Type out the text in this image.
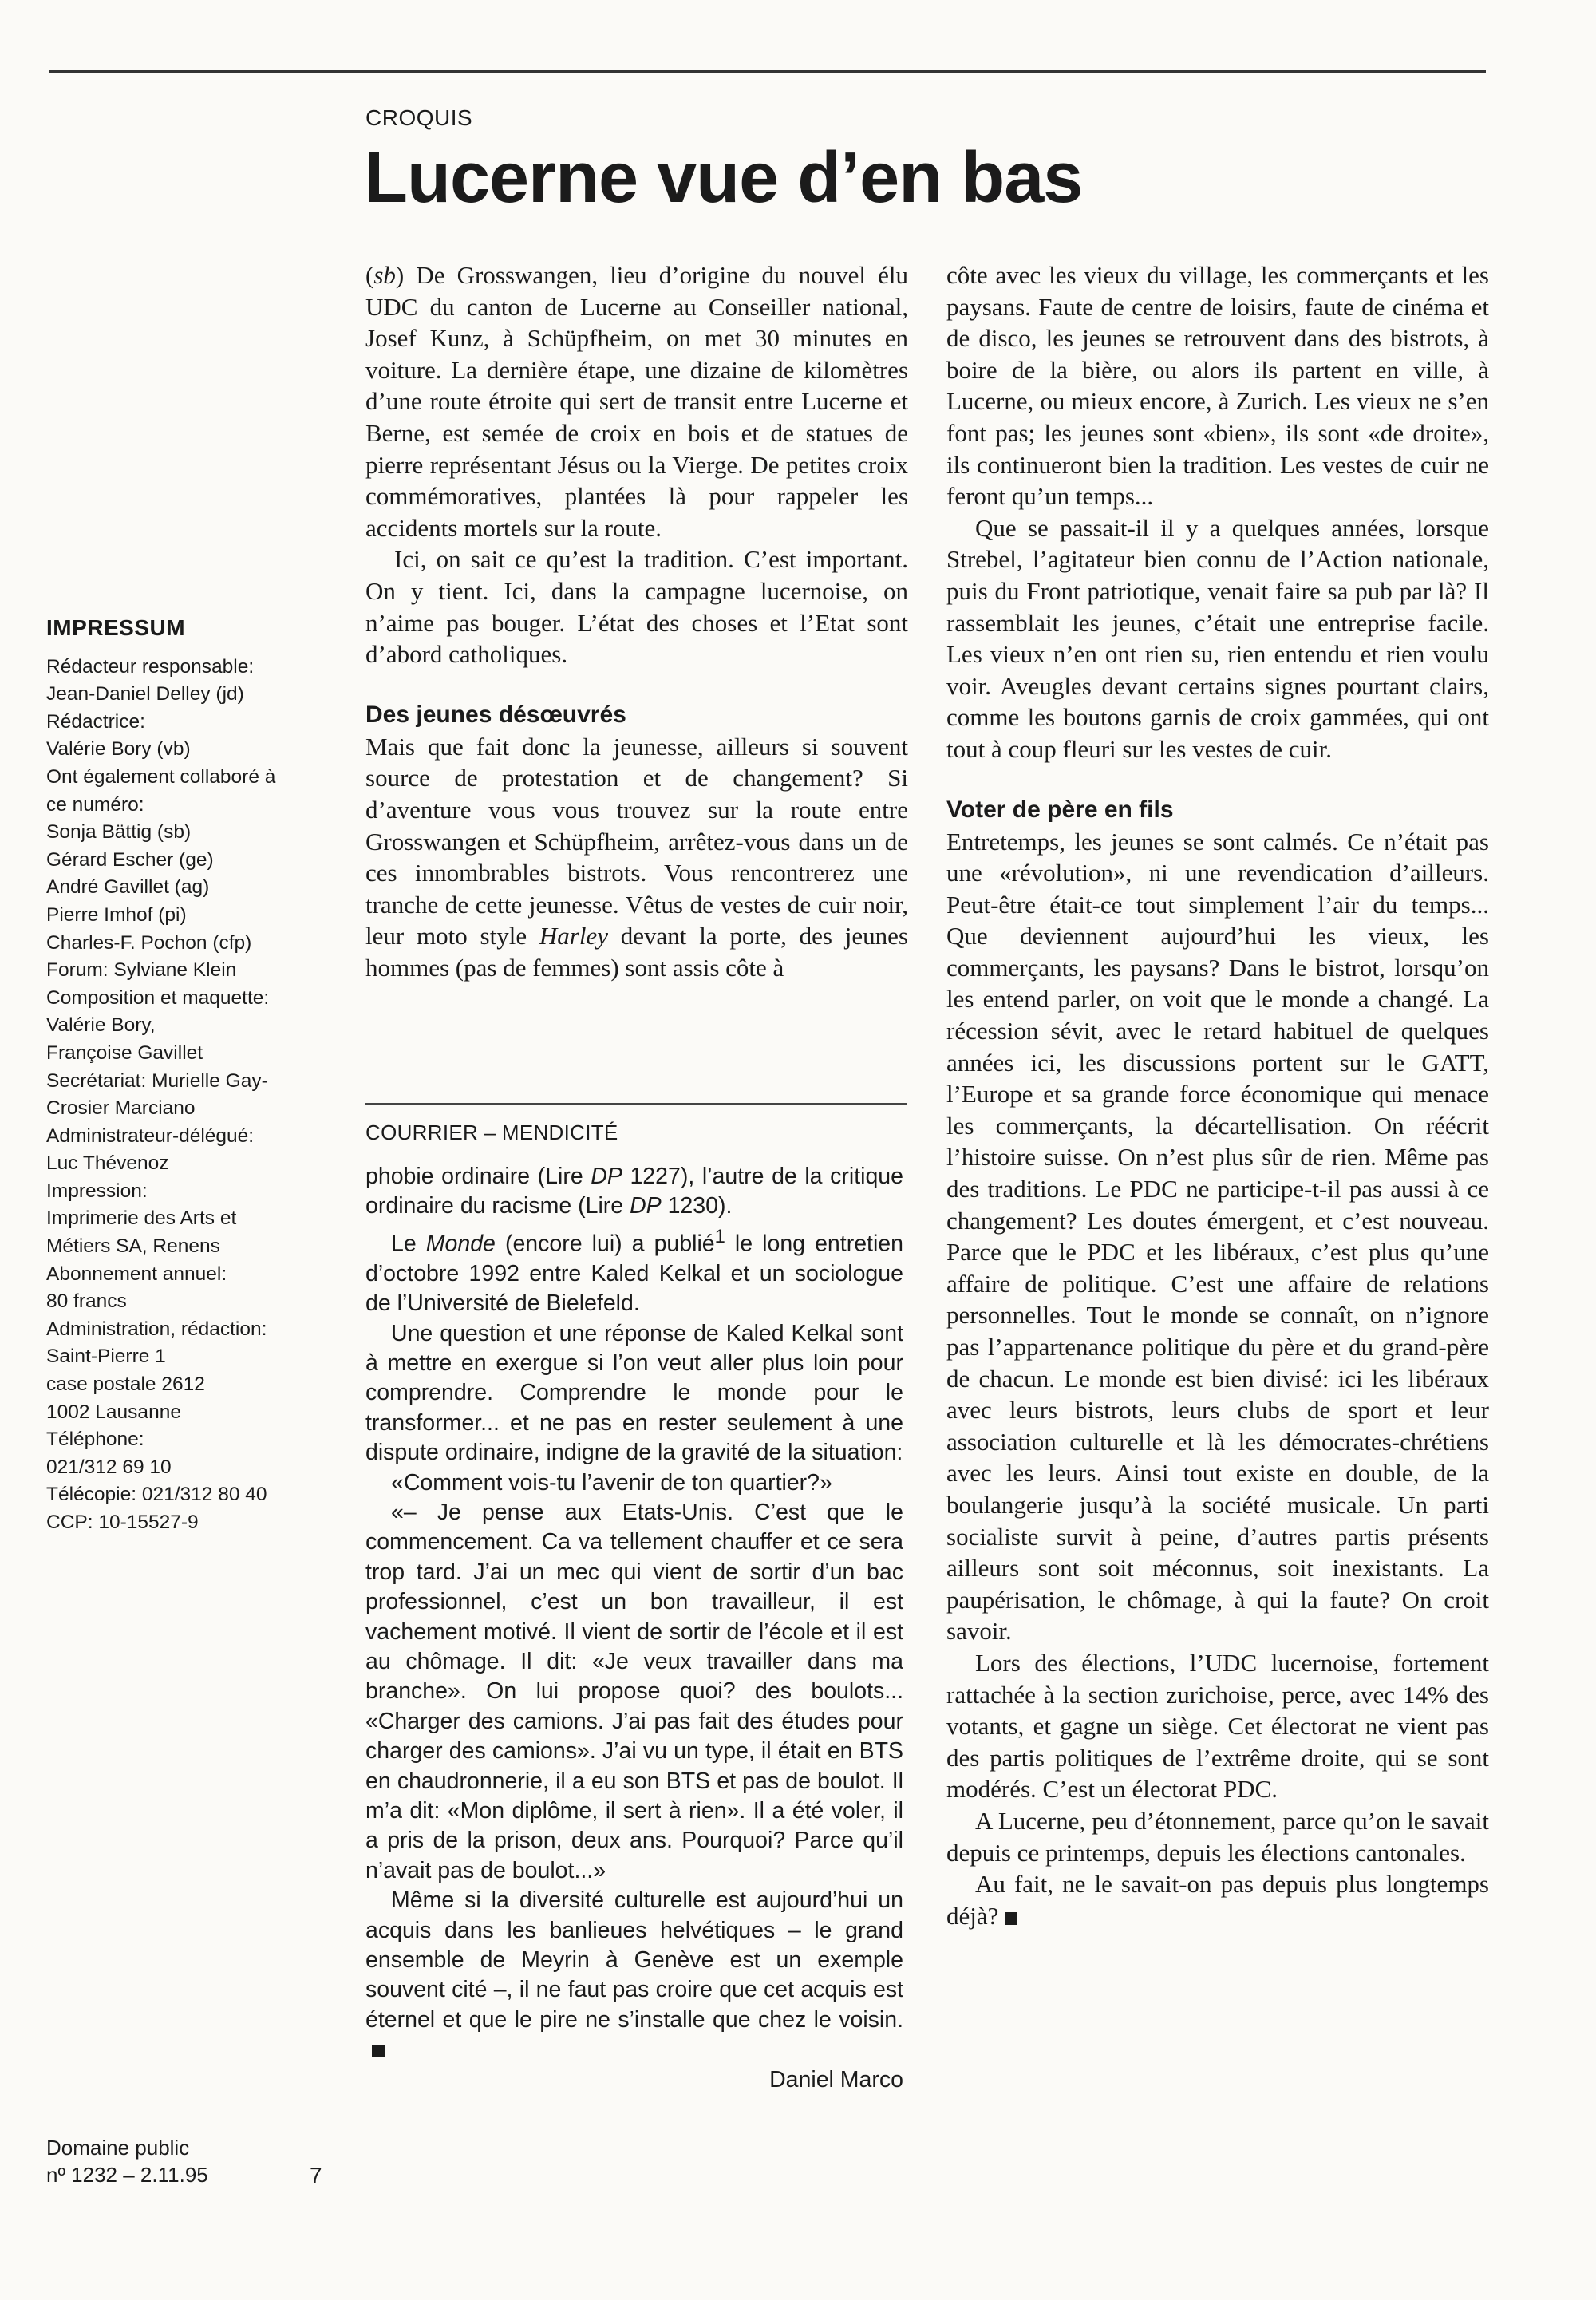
CROQUIS
Lucerne vue d’en bas

(sb) De Grosswangen, lieu d’origine du nouvel élu UDC du canton de Lucerne au Conseiller national, Josef Kunz, à Schüpfheim, on met 30 minutes en voiture. La dernière étape, une dizaine de kilomètres d’une route étroite qui sert de transit entre Lucerne et Berne, est semée de croix en bois et de statues de pierre représentant Jésus ou la Vierge. De petites croix commémoratives, plantées là pour rappeler les accidents mortels sur la route.

Ici, on sait ce qu’est la tradition. C’est important. On y tient. Ici, dans la campagne lucernoise, on n’aime pas bouger. L’état des choses et l’Etat sont d’abord catholiques.

Des jeunes désœuvrés

Mais que fait donc la jeunesse, ailleurs si souvent source de protestation et de changement? Si d’aventure vous vous trouvez sur la route entre Grosswangen et Schüpfheim, arrêtez-vous dans un de ces innombrables bistrots. Vous rencontrerez une tranche de cette jeunesse. Vêtus de vestes de cuir noir, leur moto style Harley devant la porte, des jeunes hommes (pas de femmes) sont assis côte à

COURRIER – MENDICITÉ

phobie ordinaire (Lire DP 1227), l’autre de la critique ordinaire du racisme (Lire DP 1230).

Le Monde (encore lui) a publié$^1$ le long entretien d’octobre 1992 entre Kaled Kelkal et un sociologue de l’Université de Bielefeld.

Une question et une réponse de Kaled Kelkal sont à mettre en exergue si l’on veut aller plus loin pour comprendre. Comprendre le monde pour le transformer... et ne pas en rester seulement à une dispute ordinaire, indigne de la gravité de la situation:

«Comment vois-tu l’avenir de ton quartier?»

«– Je pense aux Etats-Unis. C’est que le commencement. Ca va tellement chauffer et ce sera trop tard. J’ai un mec qui vient de sortir d’un bac professionnel, c’est un bon travailleur, il est vachement motivé. Il vient de sortir de l’école et il est au chômage. Il dit: «Je veux travailler dans ma branche». On lui propose quoi? des boulots... «Charger des camions. J’ai pas fait des études pour charger des camions». J’ai vu un type, il était en BTS en chaudronnerie, il a eu son BTS et pas de boulot. Il m’a dit: «Mon diplôme, il sert à rien». Il a été voler, il a pris de la prison, deux ans. Pourquoi? Parce qu’il n’avait pas de boulot...»

Même si la diversité culturelle est aujourd’hui un acquis dans les banlieues helvétiques – le grand ensemble de Meyrin à Genève est un exemple souvent cité –, il ne faut pas croire que cet acquis est éternel et que le pire ne s’installe que chez le voisin.

Daniel Marco

côte avec les vieux du village, les commerçants et les paysans. Faute de centre de loisirs, faute de cinéma et de disco, les jeunes se retrouvent dans des bistrots, à boire de la bière, ou alors ils partent en ville, à Lucerne, ou mieux encore, à Zurich. Les vieux ne s’en font pas; les jeunes sont «bien», ils sont «de droite», ils continueront bien la tradition. Les vestes de cuir ne feront qu’un temps...

Que se passait-il il y a quelques années, lorsque Strebel, l’agitateur bien connu de l’Action nationale, puis du Front patriotique, venait faire sa pub par là? Il rassemblait les jeunes, c’était une entreprise facile. Les vieux n’en ont rien su, rien entendu et rien voulu voir. Aveugles devant certains signes pourtant clairs, comme les boutons garnis de croix gammées, qui ont tout à coup fleuri sur les vestes de cuir.

Voter de père en fils

Entretemps, les jeunes se sont calmés. Ce n’était pas une «révolution», ni une revendication d’ailleurs. Peut-être était-ce tout simplement l’air du temps... Que deviennent aujourd’hui les vieux, les commerçants, les paysans? Dans le bistrot, lorsqu’on les entend parler, on voit que le monde a changé. La récession sévit, avec le retard habituel de quelques années ici, les discussions portent sur le GATT, l’Europe et sa grande force économique qui menace les commerçants, la décartellisation. On réécrit l’histoire suisse. On n’est plus sûr de rien. Même pas des traditions. Le PDC ne participe-t-il pas aussi à ce changement? Les doutes émergent, et c’est nouveau. Parce que le PDC et les libéraux, c’est plus qu’une affaire de politique. C’est une affaire de relations personnelles. Tout le monde se connaît, on n’ignore pas l’appartenance politique du père et du grand-père de chacun. Le monde est bien divisé: ici les libéraux avec leurs bistrots, leurs clubs de sport et leur association culturelle et là les démocrates-chrétiens avec les leurs. Ainsi tout existe en double, de la boulangerie jusqu’à la société musicale. Un parti socialiste survit à peine, d’autres partis présents ailleurs sont soit méconnus, soit inexistants. La paupérisation, le chômage, à qui la faute? On croit savoir.

Lors des élections, l’UDC lucernoise, fortement rattachée à la section zurichoise, perce, avec 14% des votants, et gagne un siège. Cet électorat ne vient pas des partis politiques de l’extrême droite, qui se sont modérés. C’est un électorat PDC.

A Lucerne, peu d’étonnement, parce qu’on le savait depuis ce printemps, depuis les élections cantonales.

Au fait, ne le savait-on pas depuis plus longtemps déjà?

IMPRESSUM
Rédacteur responsable:
Jean-Daniel Delley (jd)
Rédactrice:
Valérie Bory (vb)
Ont également collaboré à
ce numéro:
Sonja Bättig (sb)
Gérard Escher (ge)
André Gavillet (ag)
Pierre Imhof (pi)
Charles-F. Pochon (cfp)
Forum: Sylviane Klein
Composition et maquette:
Valérie Bory,
Françoise Gavillet
Secrétariat: Murielle Gay-
Crosier Marciano
Administrateur-délégué:
Luc Thévenoz
Impression:
Imprimerie des Arts et
Métiers SA, Renens
Abonnement annuel:
80 francs
Administration, rédaction:
Saint-Pierre 1
case postale 2612
1002 Lausanne
Téléphone:
021/312 69 10
Télécopie: 021/312 80 40
CCP: 10-15527-9
Domaine public
nº 1232 – 2.11.95	7
